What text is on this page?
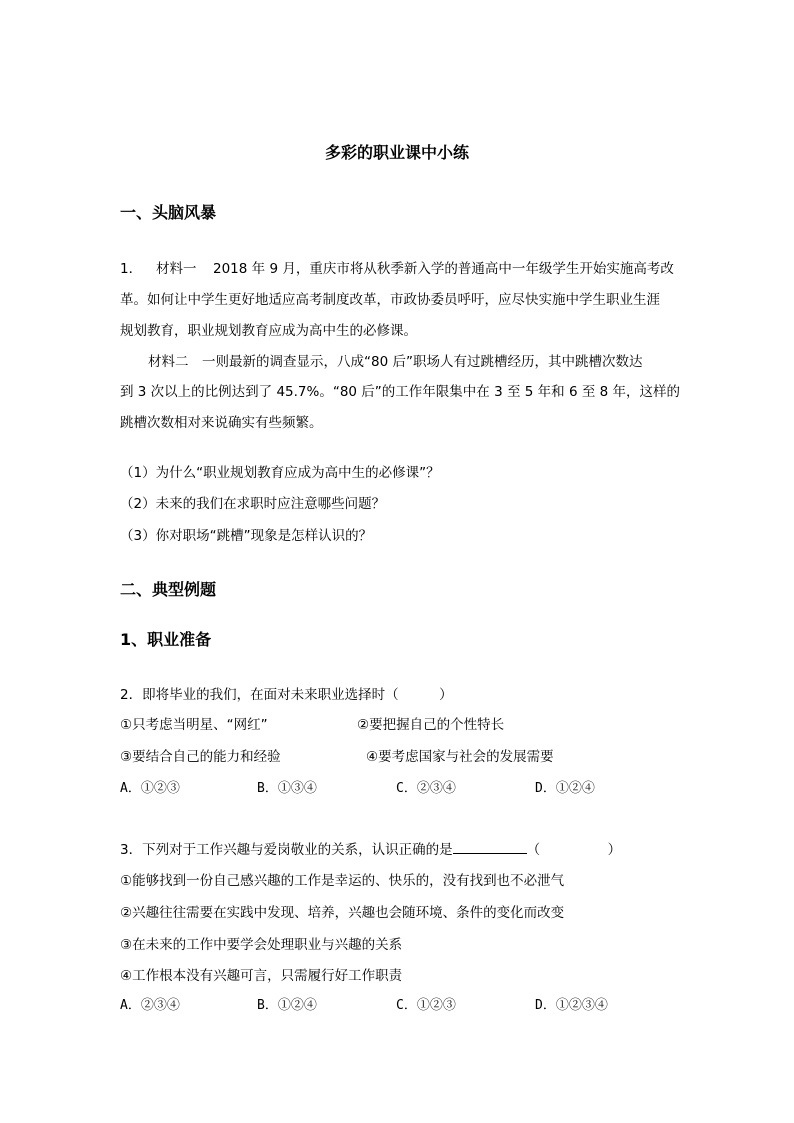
多彩的职业课中小练
一、头脑风暴
1． 材料一 2018 年 9 月，重庆市将从秋季新入学的普通高中一年级学生开始实施高考改
革。如何让中学生更好地适应高考制度改革，市政协委员呼吁，应尽快实施中学生职业生涯
规划教育，职业规划教育应成为高中生的必修课。
材料二　一则最新的调查显示，八成“80 后”职场人有过跳槽经历，其中跳槽次数达
到 3 次以上的比例达到了 45.7%。“80 后”的工作年限集中在 3 至 5 年和 6 至 8 年，这样的
跳槽次数相对来说确实有些频繁。
（1）为什么“职业规划教育应成为高中生的必修课”？
（2）未来的我们在求职时应注意哪些问题？
（3）你对职场“跳槽”现象是怎样认识的？
二、典型例题
1、职业准备
2．即将毕业的我们，在面对未来职业选择时（　　　）
①只考虑当明星、“网红”	②要把握自己的个性特长
③要结合自己的能力和经验	④要考虑国家与社会的发展需要
A．①②③	B．①③④	C．②③④	D．①②④
3．下列对于工作兴趣与爱岗敬业的关系，认识正确的是	（　　　　　）
①能够找到一份自己感兴趣的工作是幸运的、快乐的，没有找到也不必泄气
②兴趣往往需要在实践中发现、培养，兴趣也会随环境、条件的变化而改变
③在未来的工作中要学会处理职业与兴趣的关系
④工作根本没有兴趣可言，只需履行好工作职责
A．②③④	B．①②④	C．①②③	D．①②③④
